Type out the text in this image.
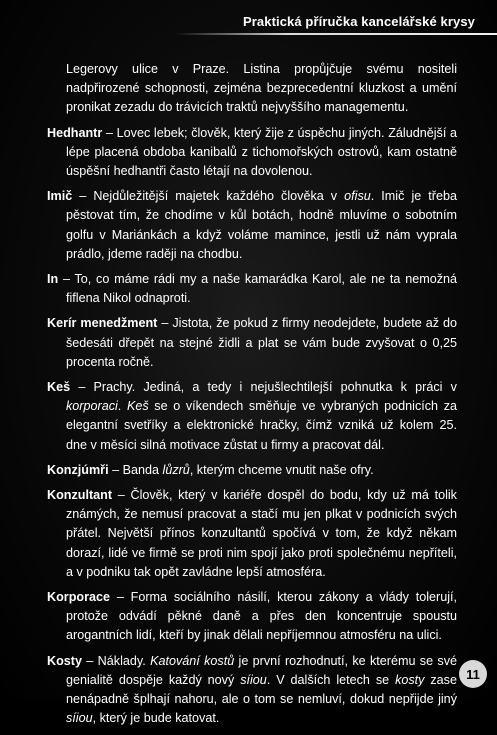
Praktická příručka kancelářské krysy

Legerovy ulice v Praze. Listina propůjčuje svému nositeli nadpřirozené schopnosti, zejména bezprecedentní kluzkost a umění pronikat zezadu do trávicích traktů nejvyššího managementu.

Hedhantr – Lovec lebek; člověk, který žije z úspěchu jiných. Záludnější a lépe placená obdoba kanibalů z tichomořských ostrovů, kam ostatně úspěšní hedhantři často létají na dovolenou.

Imič – Nejdůležitější majetek každého člověka v ofisu. Imič je třeba pěstovat tím, že chodíme v kůl botách, hodně mluvíme o sobotním golfu v Mariánkách a když voláme mamince, jestli už nám vyprala prádlo, jdeme raději na chodbu.

In – To, co máme rádi my a naše kamarádka Karol, ale ne ta nemožná fiflena Nikol odnaproti.

Kerír menedžment – Jistota, že pokud z firmy neodejdete, budete až do šedesáti dřepět na stejné židli a plat se vám bude zvyšovat o 0,25 procenta ročně.

Keš – Prachy. Jediná, a tedy i nejušlechtilejší pohnutka k práci v korporaci. Keš se o víkendech směňuje ve vybraných podnicích za elegantní svetříky a elektronické hračky, čímž vzniká už kolem 25. dne v měsíci silná motivace zůstat u firmy a pracovat dál.

Konzjúmři – Banda lůzrů, kterým chceme vnutit naše ofry.

Konzultant – Člověk, který v kariéře dospěl do bodu, kdy už má tolik známých, že nemusí pracovat a stačí mu jen plkat v podnicích svých přátel. Největší přínos konzultantů spočívá v tom, že když někam dorazí, lidé ve firmě se proti nim spojí jako proti společnému nepříteli, a v podniku tak opět zavládne lepší atmosféra.

Korporace – Forma sociálního násilí, kterou zákony a vlády tolerují, protože odvádí pěkné daně a přes den koncentruje spoustu arogantních lidí, kteří by jinak dělali nepříjemnou atmosféru na ulici.

Kosty – Náklady. Katování kostů je první rozhodnutí, ke kterému se své genialitě dospěje každý nový síiou. V dalších letech se kosty zase nenápadně šplhají nahoru, ale o tom se nemluví, dokud nepřijde jiný síiou, který je bude katovat.

11
